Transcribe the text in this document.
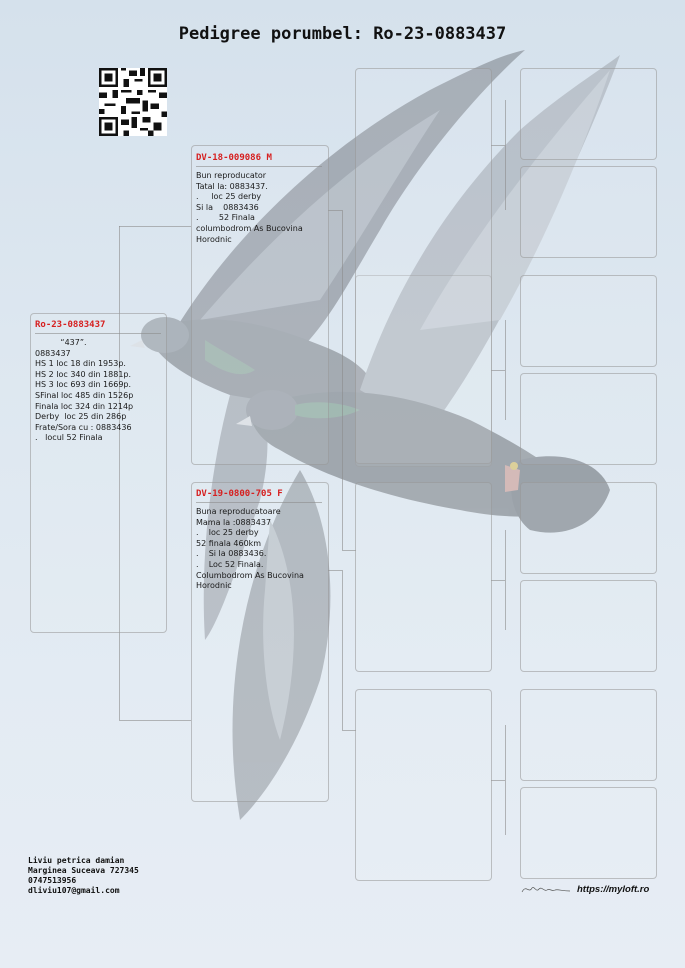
Pedigree porumbel: Ro-23-0883437
Ro-23-0883437
“437”.
0883437
HS 1 loc 18 din 1953p.
HS 2 loc 340 din 1881p.
HS 3 loc 693 din 1669p.
SFinal loc 485 din 1526p
Finala loc 324 din 1214p
Derby  loc 25 din 286p
Frate/Sora cu : 0883436
.   locul 52 Finala
DV-18-009086 M
Bun reproducator
Tatal la: 0883437.
.     loc 25 derby
Si la    0883436
.        52 Finala
columbodrom As Bucovina
Horodnic
DV-19-0800-705 F
Buna reproducatoare
Mama la :0883437
.    loc 25 derby
52 finala 460km
.    Si la 0883436.
.    Loc 52 Finala.
Columbodrom As Bucovina
Horodnic
Liviu petrica damian
Marginea Suceava 727345
0747513956
dliviu107@gmail.com	https://myloft.ro
